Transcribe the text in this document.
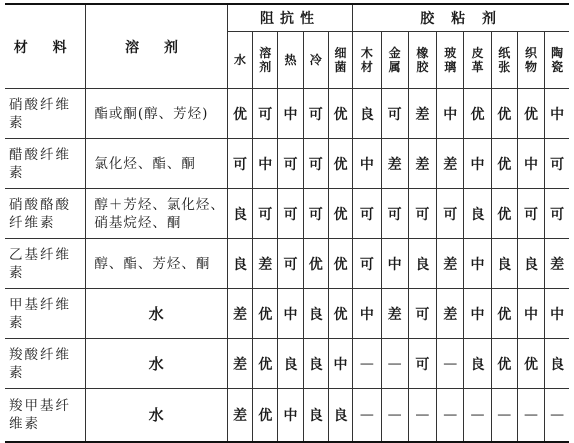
材 料	溶 剂	阻抗性					胶 粘 剂							
		水	溶剂	热	冷	细菌	木材	金属	橡胶	玻璃	皮革	纸张	织物	陶瓷
硝酸纤维素	酯或酮(醇、芳烃)	优	可	中	可	优	良	可	差	中	优	优	优	中
醋酸纤维素	氯化烃、酯、酮	可	中	可	可	优	中	差	差	差	中	优	中	可
硝酸酪酸纤维素	醇＋芳烃、氯化烃、硝基烷烃、酮	良	可	可	可	优	可	可	可	可	良	优	可	可
乙基纤维素	醇、酯、芳烃、酮	良	差	可	优	优	可	中	良	差	中	良	良	差
甲基纤维素	水	差	优	中	良	优	中	差	可	差	中	优	中	中
羧酸纤维素	水	差	优	良	良	中	—	—	可	—	良	优	优	良
羧甲基纤维素	水	差	优	中	良	良	—	—	—	—	—	—	—	—
